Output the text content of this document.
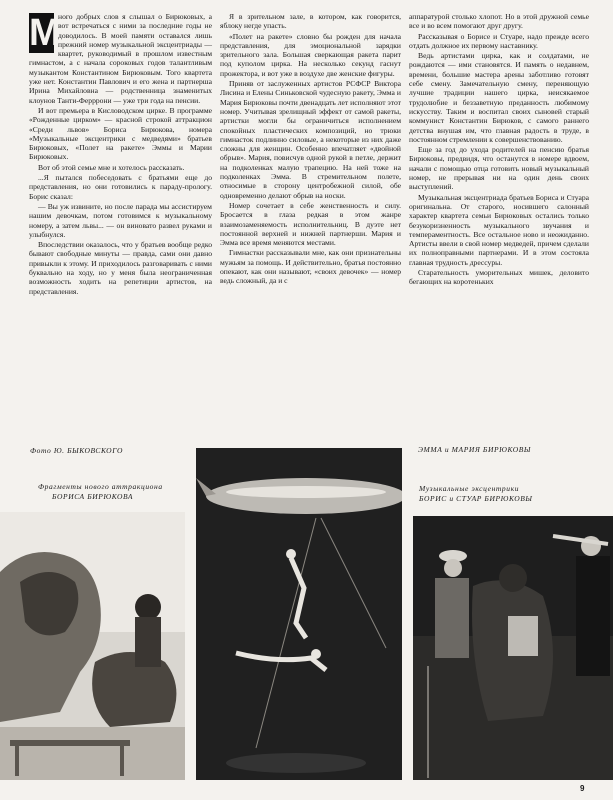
М
ного добрых слов я слышал о Бирюковых, а вот встречаться с ними за последние годы не доводилось. В моей памяти оставался лишь прежний номер музыкальной эксцентриады — квартет, руководимый в прошлом известным гимнастом, а с начала сороковых годов талантливым музыкантом Константином Бирюковым. Того квартета уже нет. Константин Павлович и его жена и партнерша Ирина Михайловна — родственница знаменитых клоунов Танти-Ферррони — уже три года на пенсии.

И вот премьера в Кисловодском цирке. В программе «Рожденные цирком» — красной строкой аттракцион «Среди львов» Бориса Бирюкова, номера «Музыкальные эксцентрики с медведями» братьев Бирюковых, «Полет на ракете» Эммы и Марии Бирюковых.

Вот об этой семье мне и хотелось рассказать.

...Я пытался побеседовать с братьями еще до представления, но они готовились к параду-прологу. Борис сказал:

— Вы уж извините, но после парада мы ассистируем нашим девочкам, потом готовимся к музыкальному номеру, а затем львы... — он виновато развел руками и улыбнулся.

Впоследствии оказалось, что у братьев вообще редко бывают свободные минуты — правда, сами они давно привыкли к этому. И приходилось разговаривать с ними буквально на ходу, но у меня была неограниченная возможность ходить на репетиции артистов, на представления.

Я в зрительном зале, в котором, как говорится, яблоку негде упасть.

«Полет на ракете» словно бы рожден для начала представления, для эмоциональной зарядки зрительного зала. Большая сверкающая ракета парит под куполом цирка. На несколько секунд гаснут прожектора, и вот уже в воздухе две женские фигуры.

Приняв от заслуженных артистов РСФСР Виктора Лисина и Елены Синьковской чудесную ракету, Эмма и Мария Бирюковы почти двенадцать лет исполняют этот номер. Учитывая зрелищный эффект от самой ракеты, артистки могли бы ограничиться исполнением спокойных пластических композиций, но трюки гимнасток подлинно силовые, а некоторые из них даже сложны для женщин. Особенно впечатляет «двойной обрыв». Мария, повисчув одной рукой в петле, держит на подколенках малую трапецию. На ней тоже на подколенках Эмма. В стремительном полете, относимые в сторону центробежной силой, обе одновременно делают обрыв на носки.

Номер сочетает в себе женственность и силу. Бросается в глаза редкая в этом жанре взаимозаменяемость исполнительниц. В дуэте нет постоянной верхней и нижней партнерши. Мария и Эмма все время меняются местами.

Гимнастки рассказывали мне, как они признательны мужьям за помощь. И действительно, братья постоянно опекают, как они называют, «своих девочек» — номер ведь сложный, да и с

аппаратурой столько хлопот. Но в этой дружной семье все и во всем помогают друг другу.

Рассказывая о Борисе и Стуаре, надо прежде всего отдать должное их первому наставнику.

Ведь артистами цирка, как и солдатами, не рождаются — ими становятся. И память о недавнем, времени, большие мастера арены заботливо готовят себе смену. Замечательную смену, переняющую лучшие традиции нашего цирка, неисякаемое трудолюбие и беззаветную преданность любимому искусству. Таким и воспитал своих сыновей старый коммунист Константин Бирюков, с самого раннего детства внушая им, что главная радость в труде, в постоянном стремлении к совершенствованию.

Еще за год до ухода родителей на пенсию братья Бирюковы, предвидя, что останутся в номере вдвоем, начали с помощью отца готовить новый музыкальный номер, не прерывая ни на один день своих выступлений.

Музыкальная эксцентриада братьев Бориса и Стуара оригинальна. От старого, носившего салонный характер квартета семьи Бирюковых остались только безукоризненность музыкального звучания и темпераментность. Все остальное ново и неожиданно. Артисты ввели в свой номер медведей, причем сделали их полноправными партнерами. И в этом состояла главная трудность дрессуры.

Старательность уморительных мишек, деловито бегающих на коротеньких

Фото Ю. БЫКОВСКОГО
Фрагменты нового аттракциона
БОРИСА БИРЮКОВА
ЭММА и МАРИЯ БИРЮКОВЫ
Музыкальные эксцентрики
БОРИС и СТУАР БИРЮКОВЫ
9
